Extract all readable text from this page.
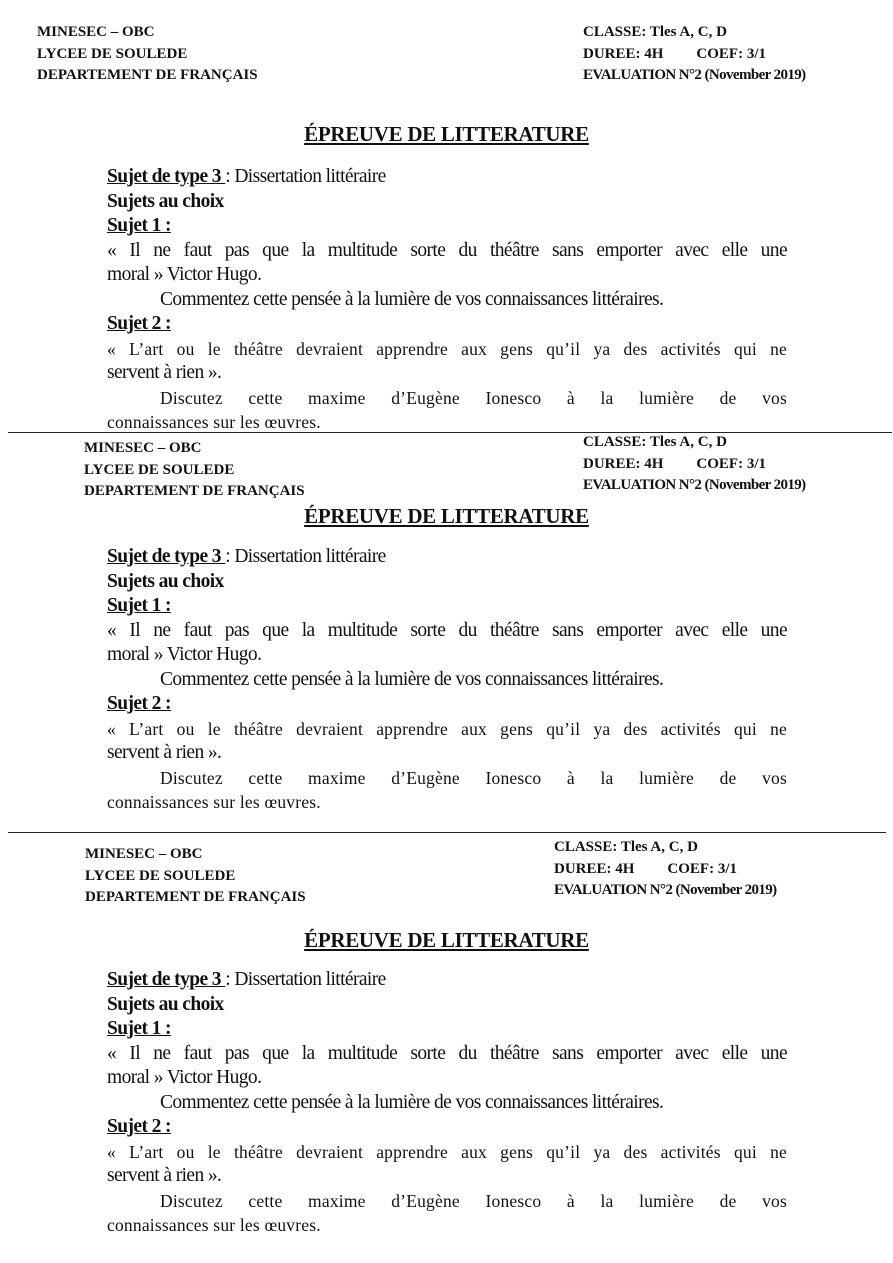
MINESEC – OBC
LYCEE DE SOULEDE
DEPARTEMENT DE FRANÇAIS
CLASSE: Tles A, C, D
DUREE: 4H COEF: 3/1
EVALUATION N°2 (November 2019)
ÉPREUVE DE LITTERATURE
Sujet de type 3 : Dissertation littéraire
Sujets au choix
Sujet 1 :
« Il ne faut pas que la multitude sorte du théâtre sans emporter avec elle une
moral » Victor Hugo.
Commentez cette pensée à la lumière de vos connaissances littéraires.
Sujet 2 :
« L’art ou le théâtre devraient apprendre aux gens qu’il ya des activités qui ne
servent à rien ».
Discutez cette maxime d’Eugène Ionesco à la lumière de vos
connaissances sur les œuvres.
MINESEC – OBC
LYCEE DE SOULEDE
DEPARTEMENT DE FRANÇAIS
CLASSE: Tles A, C, D
DUREE: 4H COEF: 3/1
EVALUATION N°2 (November 2019)
ÉPREUVE DE LITTERATURE
Sujet de type 3 : Dissertation littéraire
Sujets au choix
Sujet 1 :
« Il ne faut pas que la multitude sorte du théâtre sans emporter avec elle une
moral » Victor Hugo.
Commentez cette pensée à la lumière de vos connaissances littéraires.
Sujet 2 :
« L’art ou le théâtre devraient apprendre aux gens qu’il ya des activités qui ne
servent à rien ».
Discutez cette maxime d’Eugène Ionesco à la lumière de vos
connaissances sur les œuvres.
MINESEC – OBC
LYCEE DE SOULEDE
DEPARTEMENT DE FRANÇAIS
CLASSE: Tles A, C, D
DUREE: 4H COEF: 3/1
EVALUATION N°2 (November 2019)
ÉPREUVE DE LITTERATURE
Sujet de type 3 : Dissertation littéraire
Sujets au choix
Sujet 1 :
« Il ne faut pas que la multitude sorte du théâtre sans emporter avec elle une
moral » Victor Hugo.
Commentez cette pensée à la lumière de vos connaissances littéraires.
Sujet 2 :
« L’art ou le théâtre devraient apprendre aux gens qu’il ya des activités qui ne
servent à rien ».
Discutez cette maxime d’Eugène Ionesco à la lumière de vos
connaissances sur les œuvres.
